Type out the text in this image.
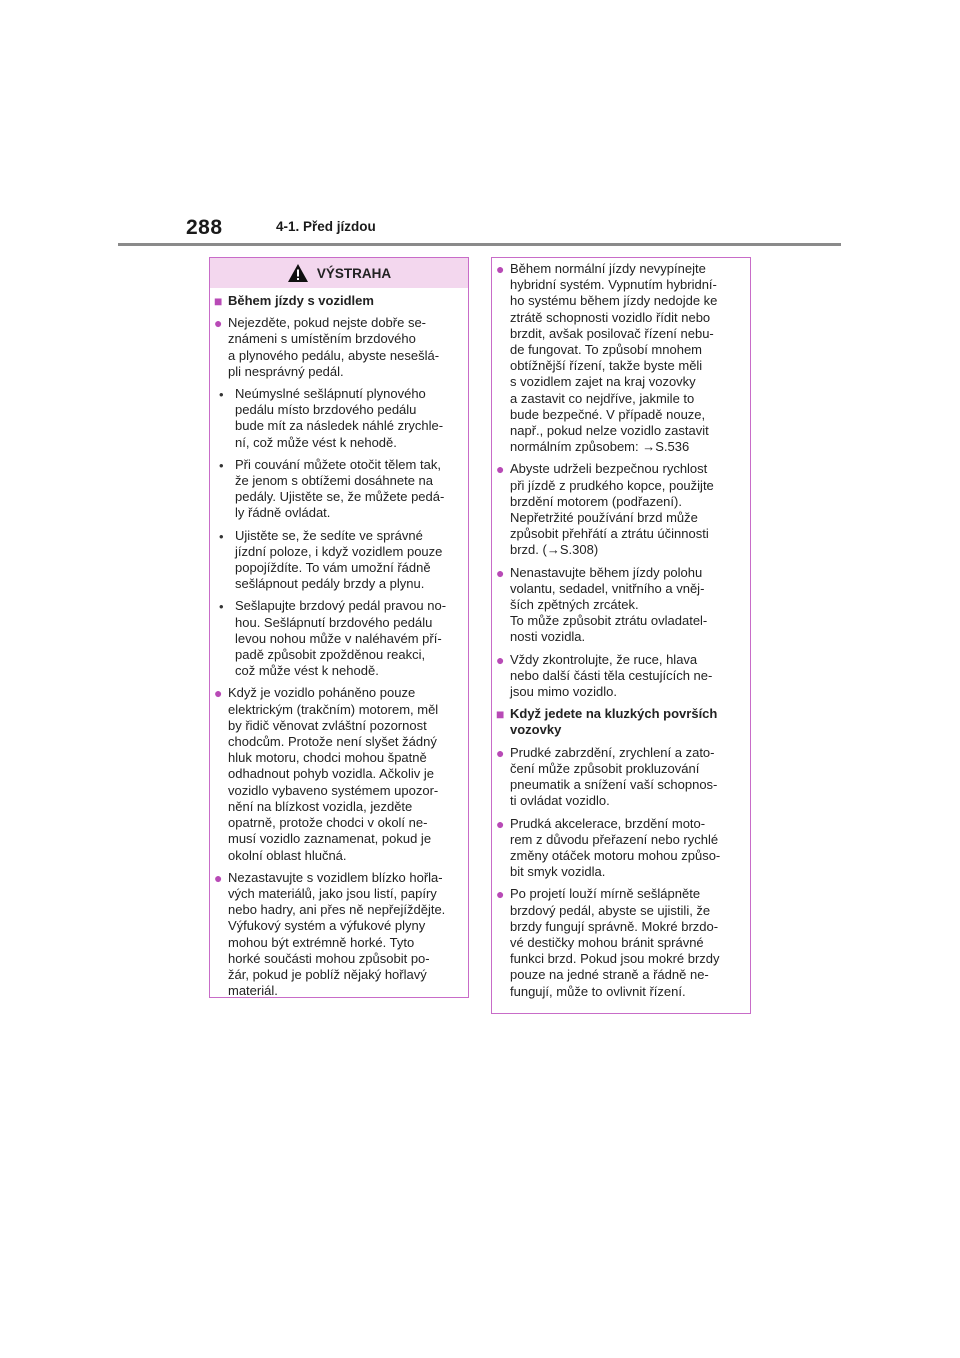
288	4-1. Před jízdou
VÝSTRAHA
■ Během jízdy s vozidlem
● Nejezděte, pokud nejste dobře se-
známeni s umístěním brzdového
a plynového pedálu, abyste nesešlá-
pli nesprávný pedál.
• Neúmyslné sešlápnutí plynového
pedálu místo brzdového pedálu
bude mít za následek náhlé zrychle-
ní, což může vést k nehodě.
• Při couvání můžete otočit tělem tak,
že jenom s obtížemi dosáhnete na
pedály. Ujistěte se, že můžete pedá-
ly řádně ovládat.
• Ujistěte se, že sedíte ve správné
jízdní poloze, i když vozidlem pouze
popojíždíte. To vám umožní řádně
sešlápnout pedály brzdy a plynu.
• Sešlapujte brzdový pedál pravou no-
hou. Sešlápnutí brzdového pedálu
levou nohou může v naléhavém pří-
padě způsobit zpožděnou reakci,
což může vést k nehodě.
● Když je vozidlo poháněno pouze
elektrickým (trakčním) motorem, měl
by řidič věnovat zvláštní pozornost
chodcům. Protože není slyšet žádný
hluk motoru, chodci mohou špatně
odhadnout pohyb vozidla. Ačkoliv je
vozidlo vybaveno systémem upozor-
nění na blízkost vozidla, jezděte
opatrně, protože chodci v okolí ne-
musí vozidlo zaznamenat, pokud je
okolní oblast hlučná.
● Nezastavujte s vozidlem blízko hořla-
vých materiálů, jako jsou listí, papíry
nebo hadry, ani přes ně nepřejíždějte.
Výfukový systém a výfukové plyny
mohou být extrémně horké. Tyto
horké součásti mohou způsobit po-
žár, pokud je poblíž nějaký hořlavý
materiál.
● Během normální jízdy nevypínejte
hybridní systém. Vypnutím hybridní-
ho systému během jízdy nedojde ke
ztrátě schopnosti vozidlo řídit nebo
brzdit, avšak posilovač řízení nebu-
de fungovat. To způsobí mnohem
obtížnější řízení, takže byste měli
s vozidlem zajet na kraj vozovky
a zastavit co nejdříve, jakmile to
bude bezpečné. V případě nouze,
např., pokud nelze vozidlo zastavit
normálním způsobem: →S.536
● Abyste udrželi bezpečnou rychlost
při jízdě z prudkého kopce, použijte
brzdění motorem (podřazení).
Nepřetržité používání brzd může
způsobit přehřátí a ztrátu účinnosti
brzd. (→S.308)
● Nenastavujte během jízdy polohu
volantu, sedadel, vnitřního a vněj-
ších zpětných zrcátek.
To může způsobit ztrátu ovladatel-
nosti vozidla.
● Vždy zkontrolujte, že ruce, hlava
nebo další části těla cestujících ne-
jsou mimo vozidlo.
■ Když jedete na kluzkých površích
vozovky
● Prudké zabrzdění, zrychlení a zato-
čení může způsobit prokluzování
pneumatik a snížení vaší schopnos-
ti ovládat vozidlo.
● Prudká akcelerace, brzdění moto-
rem z důvodu přeřazení nebo rychlé
změny otáček motoru mohou způso-
bit smyk vozidla.
● Po projetí louží mírně sešlápněte
brzdový pedál, abyste se ujistili, že
brzdy fungují správně. Mokré brzdo-
vé destičky mohou bránit správné
funkci brzd. Pokud jsou mokré brzdy
pouze na jedné straně a řádně ne-
fungují, může to ovlivnit řízení.
